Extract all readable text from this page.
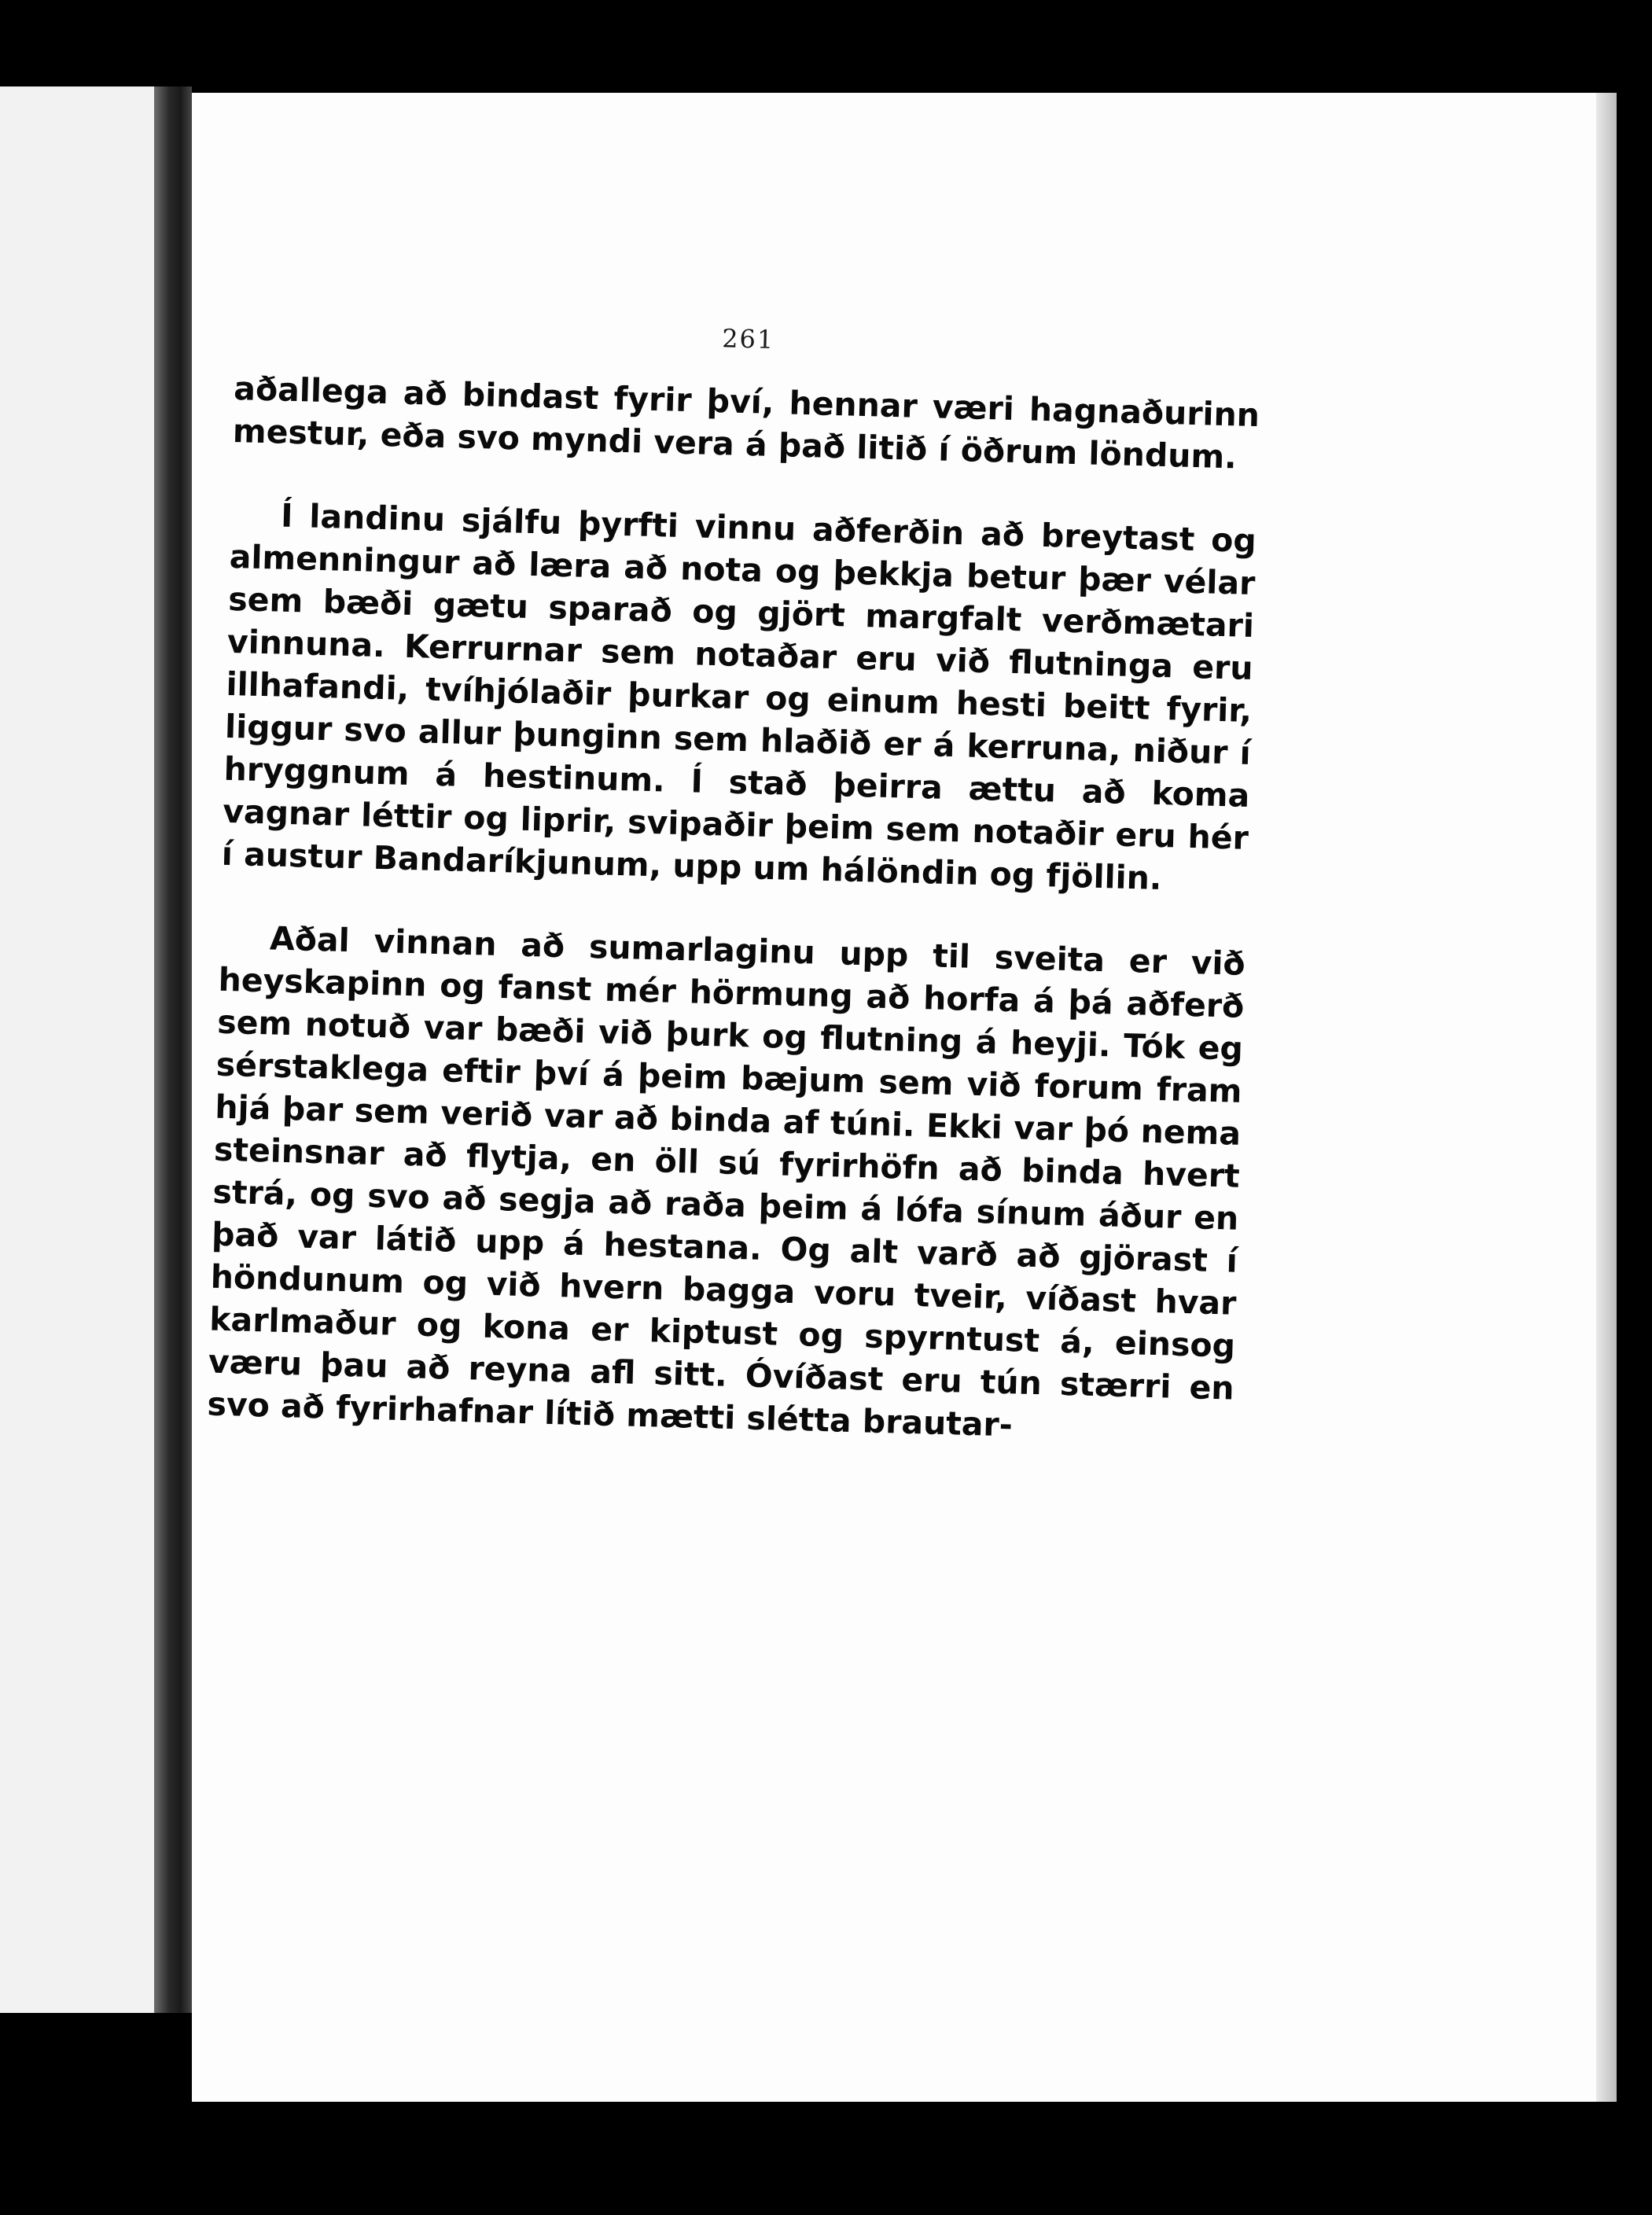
261

aðallega að bindast fyrir því, hennar væri hagnaðurinn mestur, eða svo myndi vera á það litið í öðrum löndum.

Í landinu sjálfu þyrfti vinnu aðferðin að breytast og almenningur að læra að nota og þekkja betur þær vélar sem bæði gætu sparað og gjört margfalt verðmætari vinnuna. Kerrurnar sem notaðar eru við flutninga eru illhafandi, tvíhjólaðir þurkar og einum hesti beitt fyrir, liggur svo allur þunginn sem hlaðið er á kerruna, niður í hryggnum á hestinum. Í stað þeirra ættu að koma vagnar léttir og liprir, svipaðir þeim sem notaðir eru hér í austur Bandaríkjunum, upp um hálöndin og fjöllin.

Aðal vinnan að sumarlaginu upp til sveita er við heyskapinn og fanst mér hörmung að horfa á þá aðferð sem notuð var bæði við þurk og flutning á heyji. Tók eg sérstaklega eftir því á þeim bæjum sem við forum fram hjá þar sem verið var að binda af túni. Ekki var þó nema steinsnar að flytja, en öll sú fyrirhöfn að binda hvert strá, og svo að segja að raða þeim á lófa sínum áður en það var látið upp á hestana. Og alt varð að gjörast í höndunum og við hvern bagga voru tveir, víðast hvar karlmaður og kona er kiptust og spyrntust á, einsog væru þau að reyna afl sitt. Óvíðast eru tún stærri en svo að fyrirhafnar lítið mætti slétta brautar-
